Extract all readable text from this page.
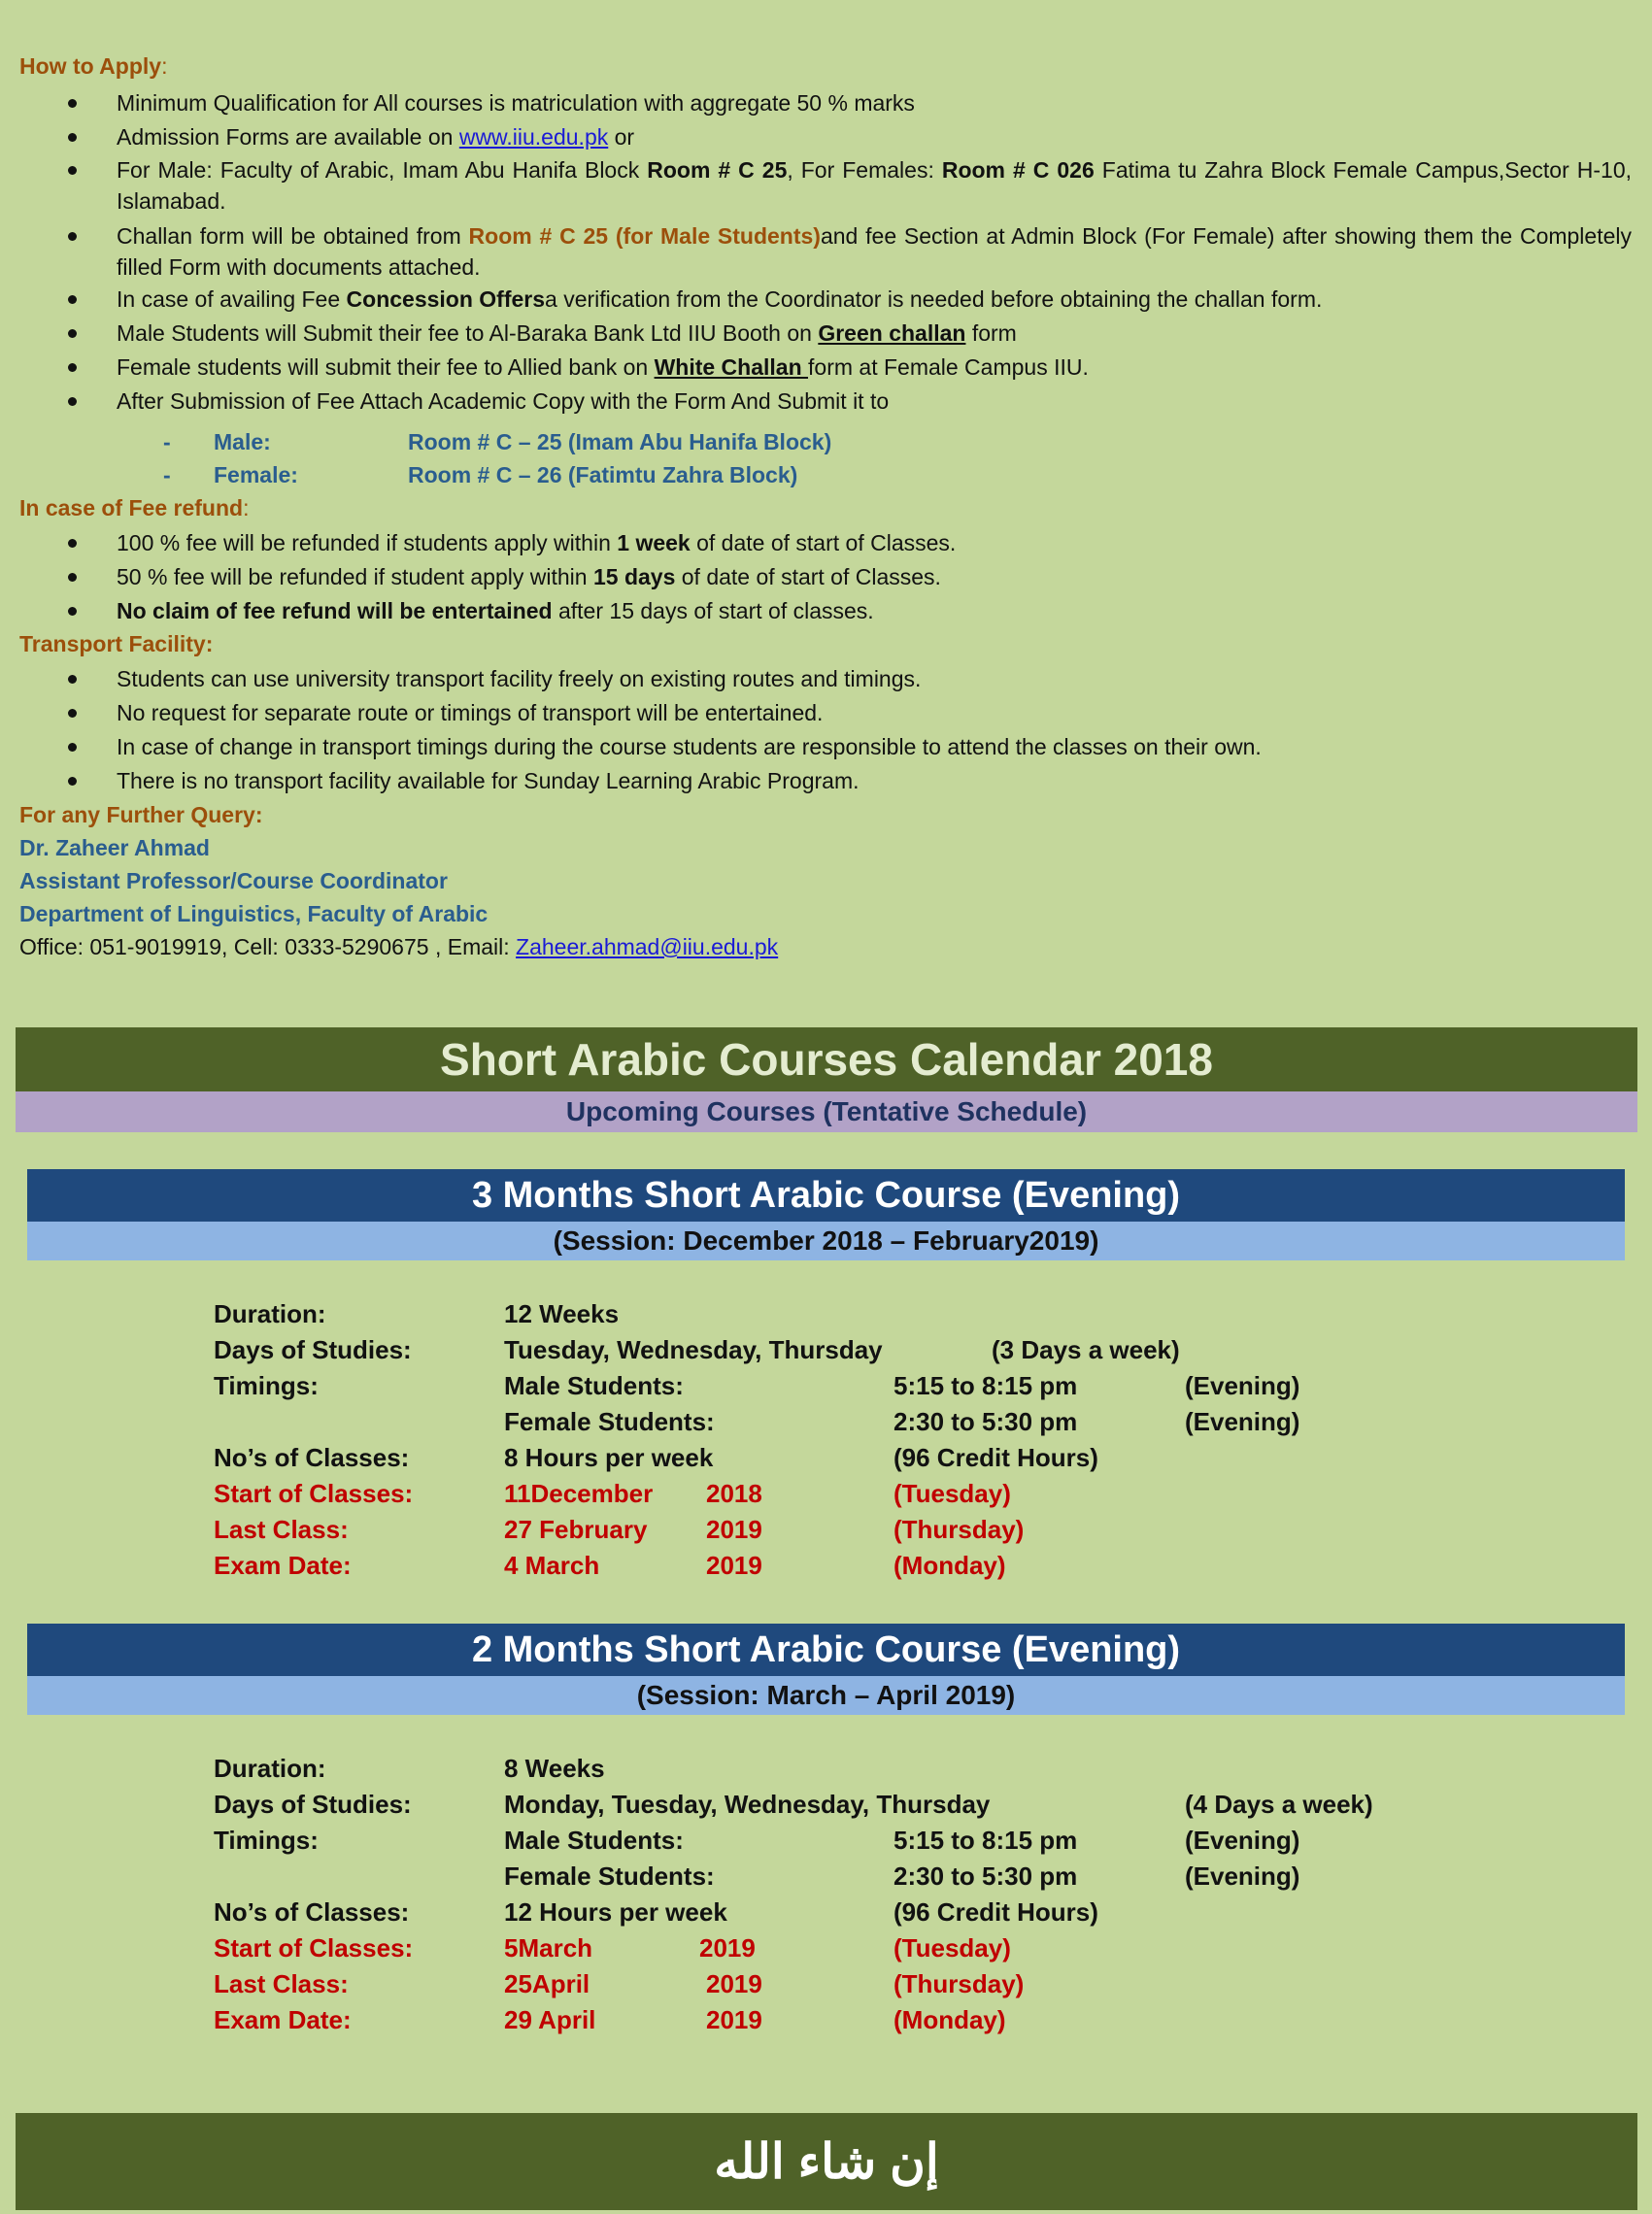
How to Apply:
Minimum Qualification for All courses is matriculation with aggregate 50 % marks
Admission Forms are available on www.iiu.edu.pk or
For Male: Faculty of Arabic, Imam Abu Hanifa Block Room # C 25, For Females: Room # C 026 Fatima tu Zahra Block Female Campus,Sector H-10, Islamabad.
Challan form will be obtained from Room # C 25 (for Male Students)and fee Section at Admin Block (For Female) after showing them the Completely filled Form with documents attached.
In case of availing Fee Concession Offersa verification from the Coordinator is needed before obtaining the challan form.
Male Students will Submit their fee to Al-Baraka Bank Ltd IIU Booth on Green challan form
Female students will submit their fee to Allied bank on White Challan form at Female Campus IIU.
After Submission of Fee Attach Academic Copy with the Form And Submit it to
- Male:	Room # C – 25 (Imam Abu Hanifa Block)
- Female:	Room # C – 26 (Fatimtu Zahra Block)
In case of Fee refund:
100 % fee will be refunded if students apply within 1 week of date of start of Classes.
50 % fee will be refunded if student apply within 15 days of date of start of Classes.
No claim of fee refund will be entertained after 15 days of start of classes.
Transport Facility:
Students can use university transport facility freely on existing routes and timings.
No request for separate route or timings of transport will be entertained.
In case of change in transport timings during the course students are responsible to attend the classes on their own.
There is no transport facility available for Sunday Learning Arabic Program.
For any Further Query:
Dr. Zaheer Ahmad
Assistant Professor/Course Coordinator
Department of Linguistics, Faculty of Arabic
Office: 051-9019919, Cell: 0333-5290675 , Email: Zaheer.ahmad@iiu.edu.pk
Short Arabic Courses Calendar 2018
Upcoming Courses (Tentative Schedule)
3 Months Short Arabic Course (Evening)
(Session: December 2018 – February2019)
Duration:	12 Weeks
Days of Studies:	Tuesday, Wednesday, Thursday	(3 Days a week)
Timings:	Male Students:	5:15 to 8:15 pm	(Evening)
Female Students:	2:30 to 5:30 pm	(Evening)
No’s of Classes:	8 Hours per week	(96 Credit Hours)
Start of Classes:	11December 2018	(Tuesday)
Last Class:	27 February 2019	(Thursday)
Exam Date:	4 March	2019	(Monday)
2 Months Short Arabic Course (Evening)
(Session: March – April 2019)
Duration:	8 Weeks
Days of Studies:	Monday, Tuesday, Wednesday, Thursday	(4 Days a week)
Timings:	Male Students:	5:15 to 8:15 pm	(Evening)
Female Students:	2:30 to 5:30 pm	(Evening)
No’s of Classes:	12 Hours per week	(96 Credit Hours)
Start of Classes:	5March	2019	(Tuesday)
Last Class:	25April	2019	(Thursday)
Exam Date:	29 April	2019	(Monday)
إن شاء الله
